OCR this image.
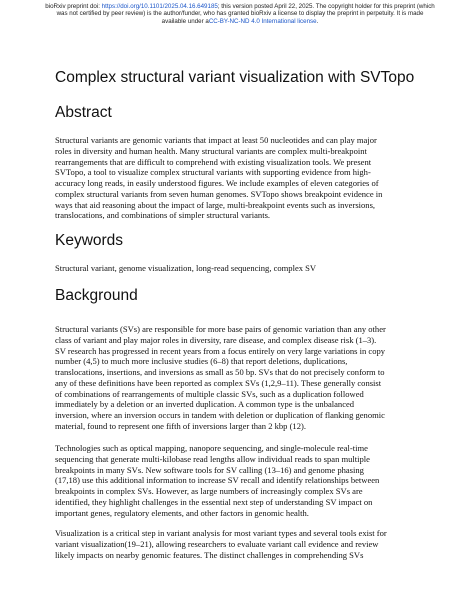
bioRxiv preprint doi: https://doi.org/10.1101/2025.04.16.649185; this version posted April 22, 2025. The copyright holder for this preprint (which
was not certified by peer review) is the author/funder, who has granted bioRxiv a license to display the preprint in perpetuity. It is made
available under aCC-BY-NC-ND 4.0 International license.
Complex structural variant visualization with SVTopo
Abstract
Structural variants are genomic variants that impact at least 50 nucleotides and can play major
roles in diversity and human health. Many structural variants are complex multi-breakpoint
rearrangements that are difficult to comprehend with existing visualization tools. We present
SVTopo, a tool to visualize complex structural variants with supporting evidence from high-
accuracy long reads, in easily understood figures. We include examples of eleven categories of
complex structural variants from seven human genomes. SVTopo shows breakpoint evidence in
ways that aid reasoning about the impact of large, multi-breakpoint events such as inversions,
translocations, and combinations of simpler structural variants.
Keywords
Structural variant, genome visualization, long-read sequencing, complex SV
Background
Structural variants (SVs) are responsible for more base pairs of genomic variation than any other
class of variant and play major roles in diversity, rare disease, and complex disease risk (1–3).
SV research has progressed in recent years from a focus entirely on very large variations in copy
number (4,5) to much more inclusive studies (6–8) that report deletions, duplications,
translocations, insertions, and inversions as small as 50 bp. SVs that do not precisely conform to
any of these definitions have been reported as complex SVs (1,2,9–11). These generally consist
of combinations of rearrangements of multiple classic SVs, such as a duplication followed
immediately by a deletion or an inverted duplication. A common type is the unbalanced
inversion, where an inversion occurs in tandem with deletion or duplication of flanking genomic
material, found to represent one fifth of inversions larger than 2 kbp (12).
Technologies such as optical mapping, nanopore sequencing, and single-molecule real-time
sequencing that generate multi-kilobase read lengths allow individual reads to span multiple
breakpoints in many SVs. New software tools for SV calling (13–16) and genome phasing
(17,18) use this additional information to increase SV recall and identify relationships between
breakpoints in complex SVs. However, as large numbers of increasingly complex SVs are
identified, they highlight challenges in the essential next step of understanding SV impact on
important genes, regulatory elements, and other factors in genomic health.
Visualization is a critical step in variant analysis for most variant types and several tools exist for
variant visualization(19–21), allowing researchers to evaluate variant call evidence and review
likely impacts on nearby genomic features. The distinct challenges in comprehending SVs
